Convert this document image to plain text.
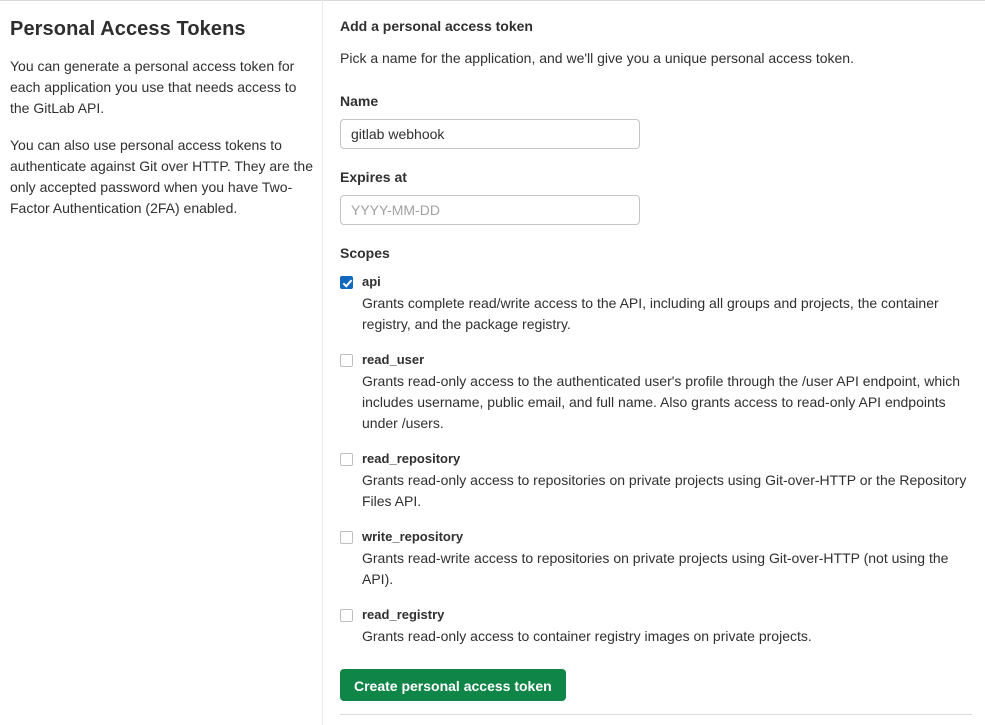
Personal Access Tokens

You can generate a personal access token for each application you use that needs access to the GitLab API.

You can also use personal access tokens to authenticate against Git over HTTP. They are the only accepted password when you have Two-Factor Authentication (2FA) enabled.

Add a personal access token
Pick a name for the application, and we'll give you a unique personal access token.
Name
gitlab webhook
Expires at
YYYY-MM-DD
Scopes
api
Grants complete read/write access to the API, including all groups and projects, the container registry, and the package registry.
read_user
Grants read-only access to the authenticated user's profile through the /user API endpoint, which includes username, public email, and full name. Also grants access to read-only API endpoints under /users.
read_repository
Grants read-only access to repositories on private projects using Git-over-HTTP or the Repository Files API.
write_repository
Grants read-write access to repositories on private projects using Git-over-HTTP (not using the API).
read_registry
Grants read-only access to container registry images on private projects.
Create personal access token
